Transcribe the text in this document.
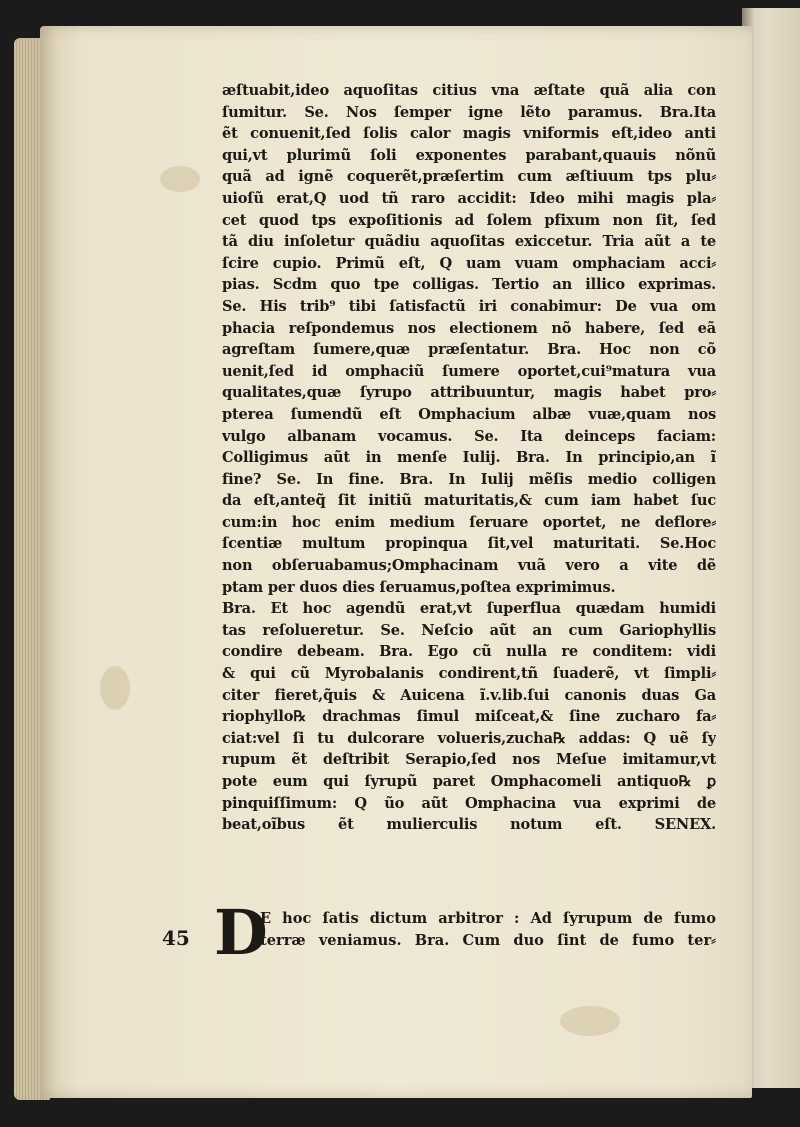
æſtuabit,ideo aquoſitas citius vna æſtate quã alia con
ſumitur. Se. Nos ſemper igne lẽto paramus. Bra.Ita
ẽt conuenit,ſed ſolis calor magis vniformis eſt,ideo anti
qui,vt plurimũ ſoli exponentes parabant,quauis nõnũ
quã ad ignẽ coquerẽt,præſertim cum æſtiuum tps plu⸗
uioſũ erat,Q uod tñ raro accidit: Ideo mihi magis pla⸗
cet quod tps expoſitionis ad ſolem pfixum non ſit, ſed
tã diu inſoletur quãdiu aquoſitas exiccetur. Tria aũt a te
ſcire cupio. Primũ eſt, Q uam vuam omphaciam acci⸗
pias. Scdm quo tpe colligas. Tertio an illico exprimas.
Se. His trib⁹ tibi ſatisfactũ iri conabimur: De vua om
phacia reſpondemus nos electionem nõ habere, ſed eã
agreſtam ſumere,quæ præſentatur. Bra. Hoc non cõ
uenit,ſed id omphaciũ ſumere oportet,cui⁹matura vua
qualitates,quæ ſyrupo attribuuntur, magis habet pro⸗
pterea ſumendũ eſt Omphacium albæ vuæ,quam nos
vulgo albanam vocamus. Se. Ita deinceps faciam:
Colligimus aũt in menſe Iulij. Bra. In principio,an ĩ
fine? Se. In fine. Bra. In Iulij mẽſis medio colligen
da eſt,anteq̃ ſit initiũ maturitatis,& cum iam habet ſuc
cum:in hoc enim medium ſeruare oportet, ne deflore⸗
ſcentiæ multum propinqua ſit,vel maturitati. Se.Hoc
non obſeruabamus;Omphacinam vuã vero a vite dẽ
ptam per duos dies ſeruamus,poſtea exprimimus.
Bra. Et hoc agendũ erat,vt ſuperflua quædam humidi
tas reſolueretur. Se. Neſcio aũt an cum Gariophyllis
condire debeam. Bra. Ego cũ nulla re conditem: vidi
& qui cũ Myrobalanis condirent,tñ ſuaderẽ, vt ſimpli⸗
citer fieret,q̃uis & Auicena ĩ.v.lib.ſui canonis duas Ga
riophyllo℞ drachmas ſimul miſceat,& ſine zucharo fa⸗
ciat:vel ſi tu dulcorare volueris,zucha℞ addas: Q uẽ ſy
rupum ẽt deſtribit Serapio,ſed nos Meſue imitamur,vt
pote eum qui ſyrupũ paret Omphacomeli antiquo℞ ꝑ
pinquiſſimum: Q ũo aũt Omphacina vua exprimi de
beat,oĩbus ẽt mulierculis notum eſt. SENEX.
45 D
E hoc ſatis dictum arbitror : Ad ſyrupum de fumo
terræ veniamus. Bra. Cum duo ſint de fumo ter⸗
